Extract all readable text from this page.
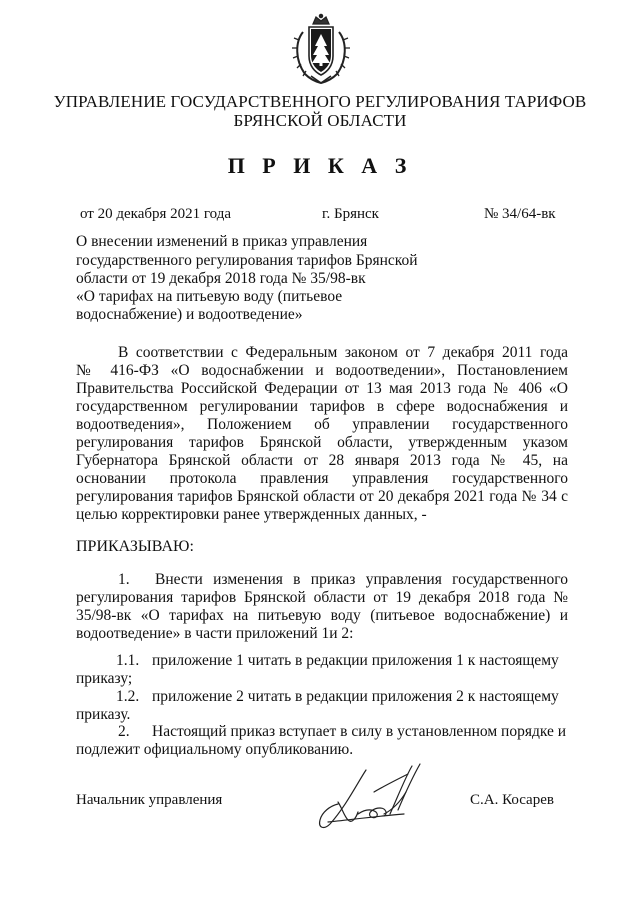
УПРАВЛЕНИЕ ГОСУДАРСТВЕННОГО РЕГУЛИРОВАНИЯ ТАРИФОВ
БРЯНСКОЙ ОБЛАСТИ
П Р И К А З
от 20 декабря 2021 года	г. Брянск	№ 34/64-вк
О внесении изменений в приказ управления
государственного регулирования тарифов Брянской
области от 19 декабря 2018 года № 35/98-вк
«О тарифах на питьевую воду (питьевое
водоснабжение) и водоотведение»
В соответствии с Федеральным законом от 7 декабря 2011 года
№ 416-ФЗ «О водоснабжении и водоотведении», Постановлением
Правительства Российской Федерации от 13 мая 2013 года № 406 «О
государственном регулировании тарифов в сфере водоснабжения и
водоотведения», Положением об управлении государственного
регулирования тарифов Брянской области, утвержденным указом
Губернатора Брянской области от 28 января 2013 года № 45, на
основании протокола правления управления государственного
регулирования тарифов Брянской области от 20 декабря 2021 года № 34 с
целью корректировки ранее утвержденных данных, -
ПРИКАЗЫВАЮ:
1. Внести изменения в приказ управления государственного
регулирования тарифов Брянской области от 19 декабря 2018 года №
35/98-вк «О тарифах на питьевую воду (питьевое водоснабжение) и
водоотведение» в части приложений 1и 2:
1.1. приложение 1 читать в редакции приложения 1 к настоящему
приказу;
1.2. приложение 2 читать в редакции приложения 2 к настоящему
приказу.
2. Настоящий приказ вступает в силу в установленном порядке и
подлежит официальному опубликованию.
Начальник управления	С.А. Косарев
